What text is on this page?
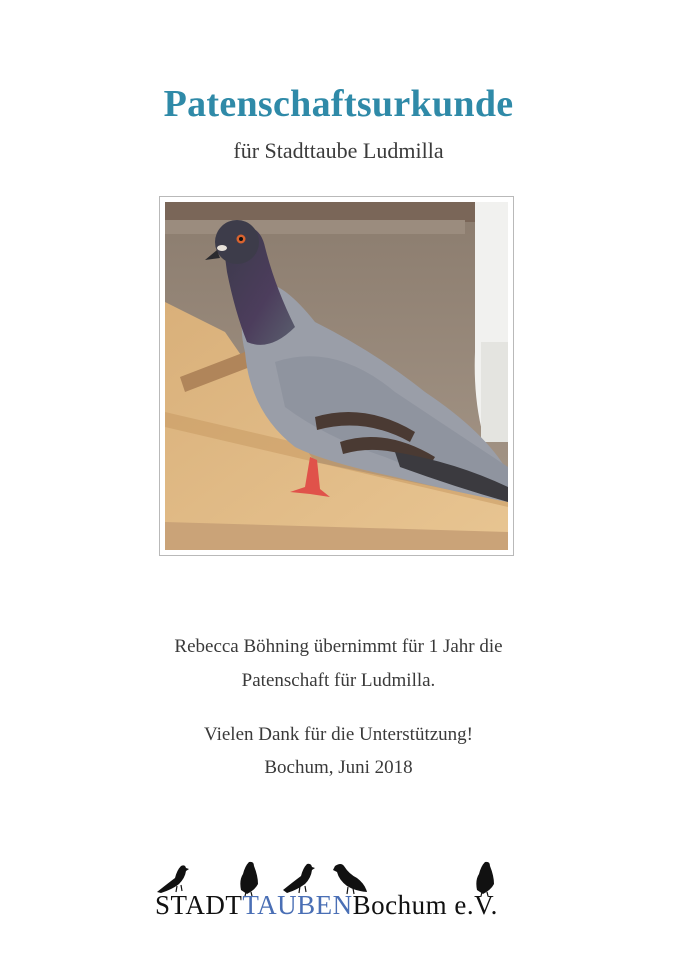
Patenschaftsurkunde
für Stadttaube Ludmilla
Rebecca Böhning übernimmt für 1 Jahr die
Patenschaft für Ludmilla.
Vielen Dank für die Unterstützung!
Bochum, Juni 2018
STADTTAUBENBochum e.V.
